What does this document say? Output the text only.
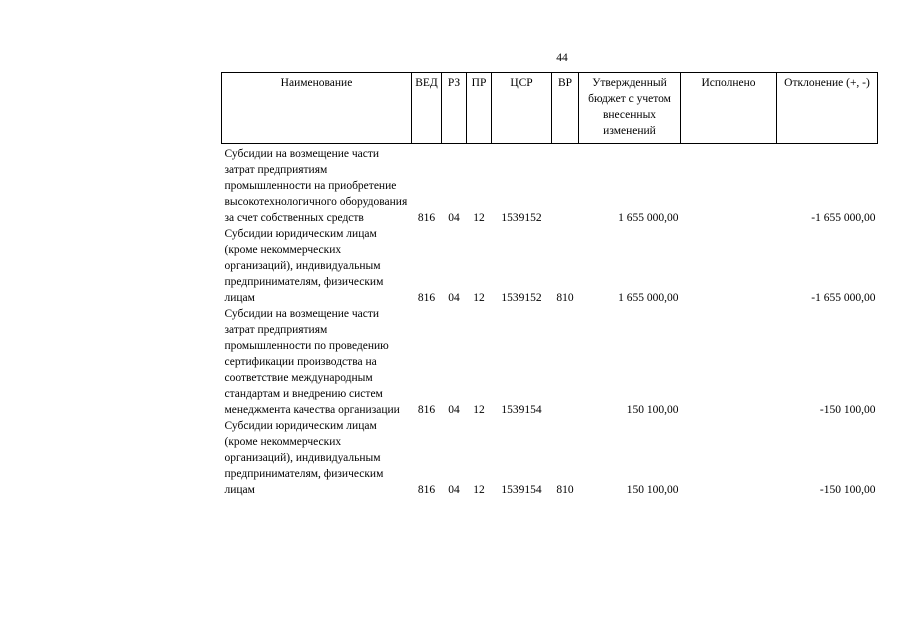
44
Наименование	ВЕД	РЗ	ПР	ЦСР	ВР	Утвержденный бюджет с учетом внесенных изменений	Исполнено	Отклонение (+, -)

Субсидии на возмещение части затрат предприятиям промышленности на приобретение высокотехнологичного оборудования за счет собственных средств	816	04	12	1539152		1 655 000,00		-1 655 000,00
Субсидии юридическим лицам (кроме некоммерческих организаций), индивидуальным предпринимателям, физическим лицам	816	04	12	1539152	810	1 655 000,00		-1 655 000,00
Субсидии на возмещение части затрат предприятиям промышленности по проведению сертификации производства на соответствие международным стандартам и внедрению систем менеджмента качества организации	816	04	12	1539154		150 100,00		-150 100,00
Субсидии юридическим лицам (кроме некоммерческих организаций), индивидуальным предпринимателям, физическим лицам	816	04	12	1539154	810	150 100,00		-150 100,00
